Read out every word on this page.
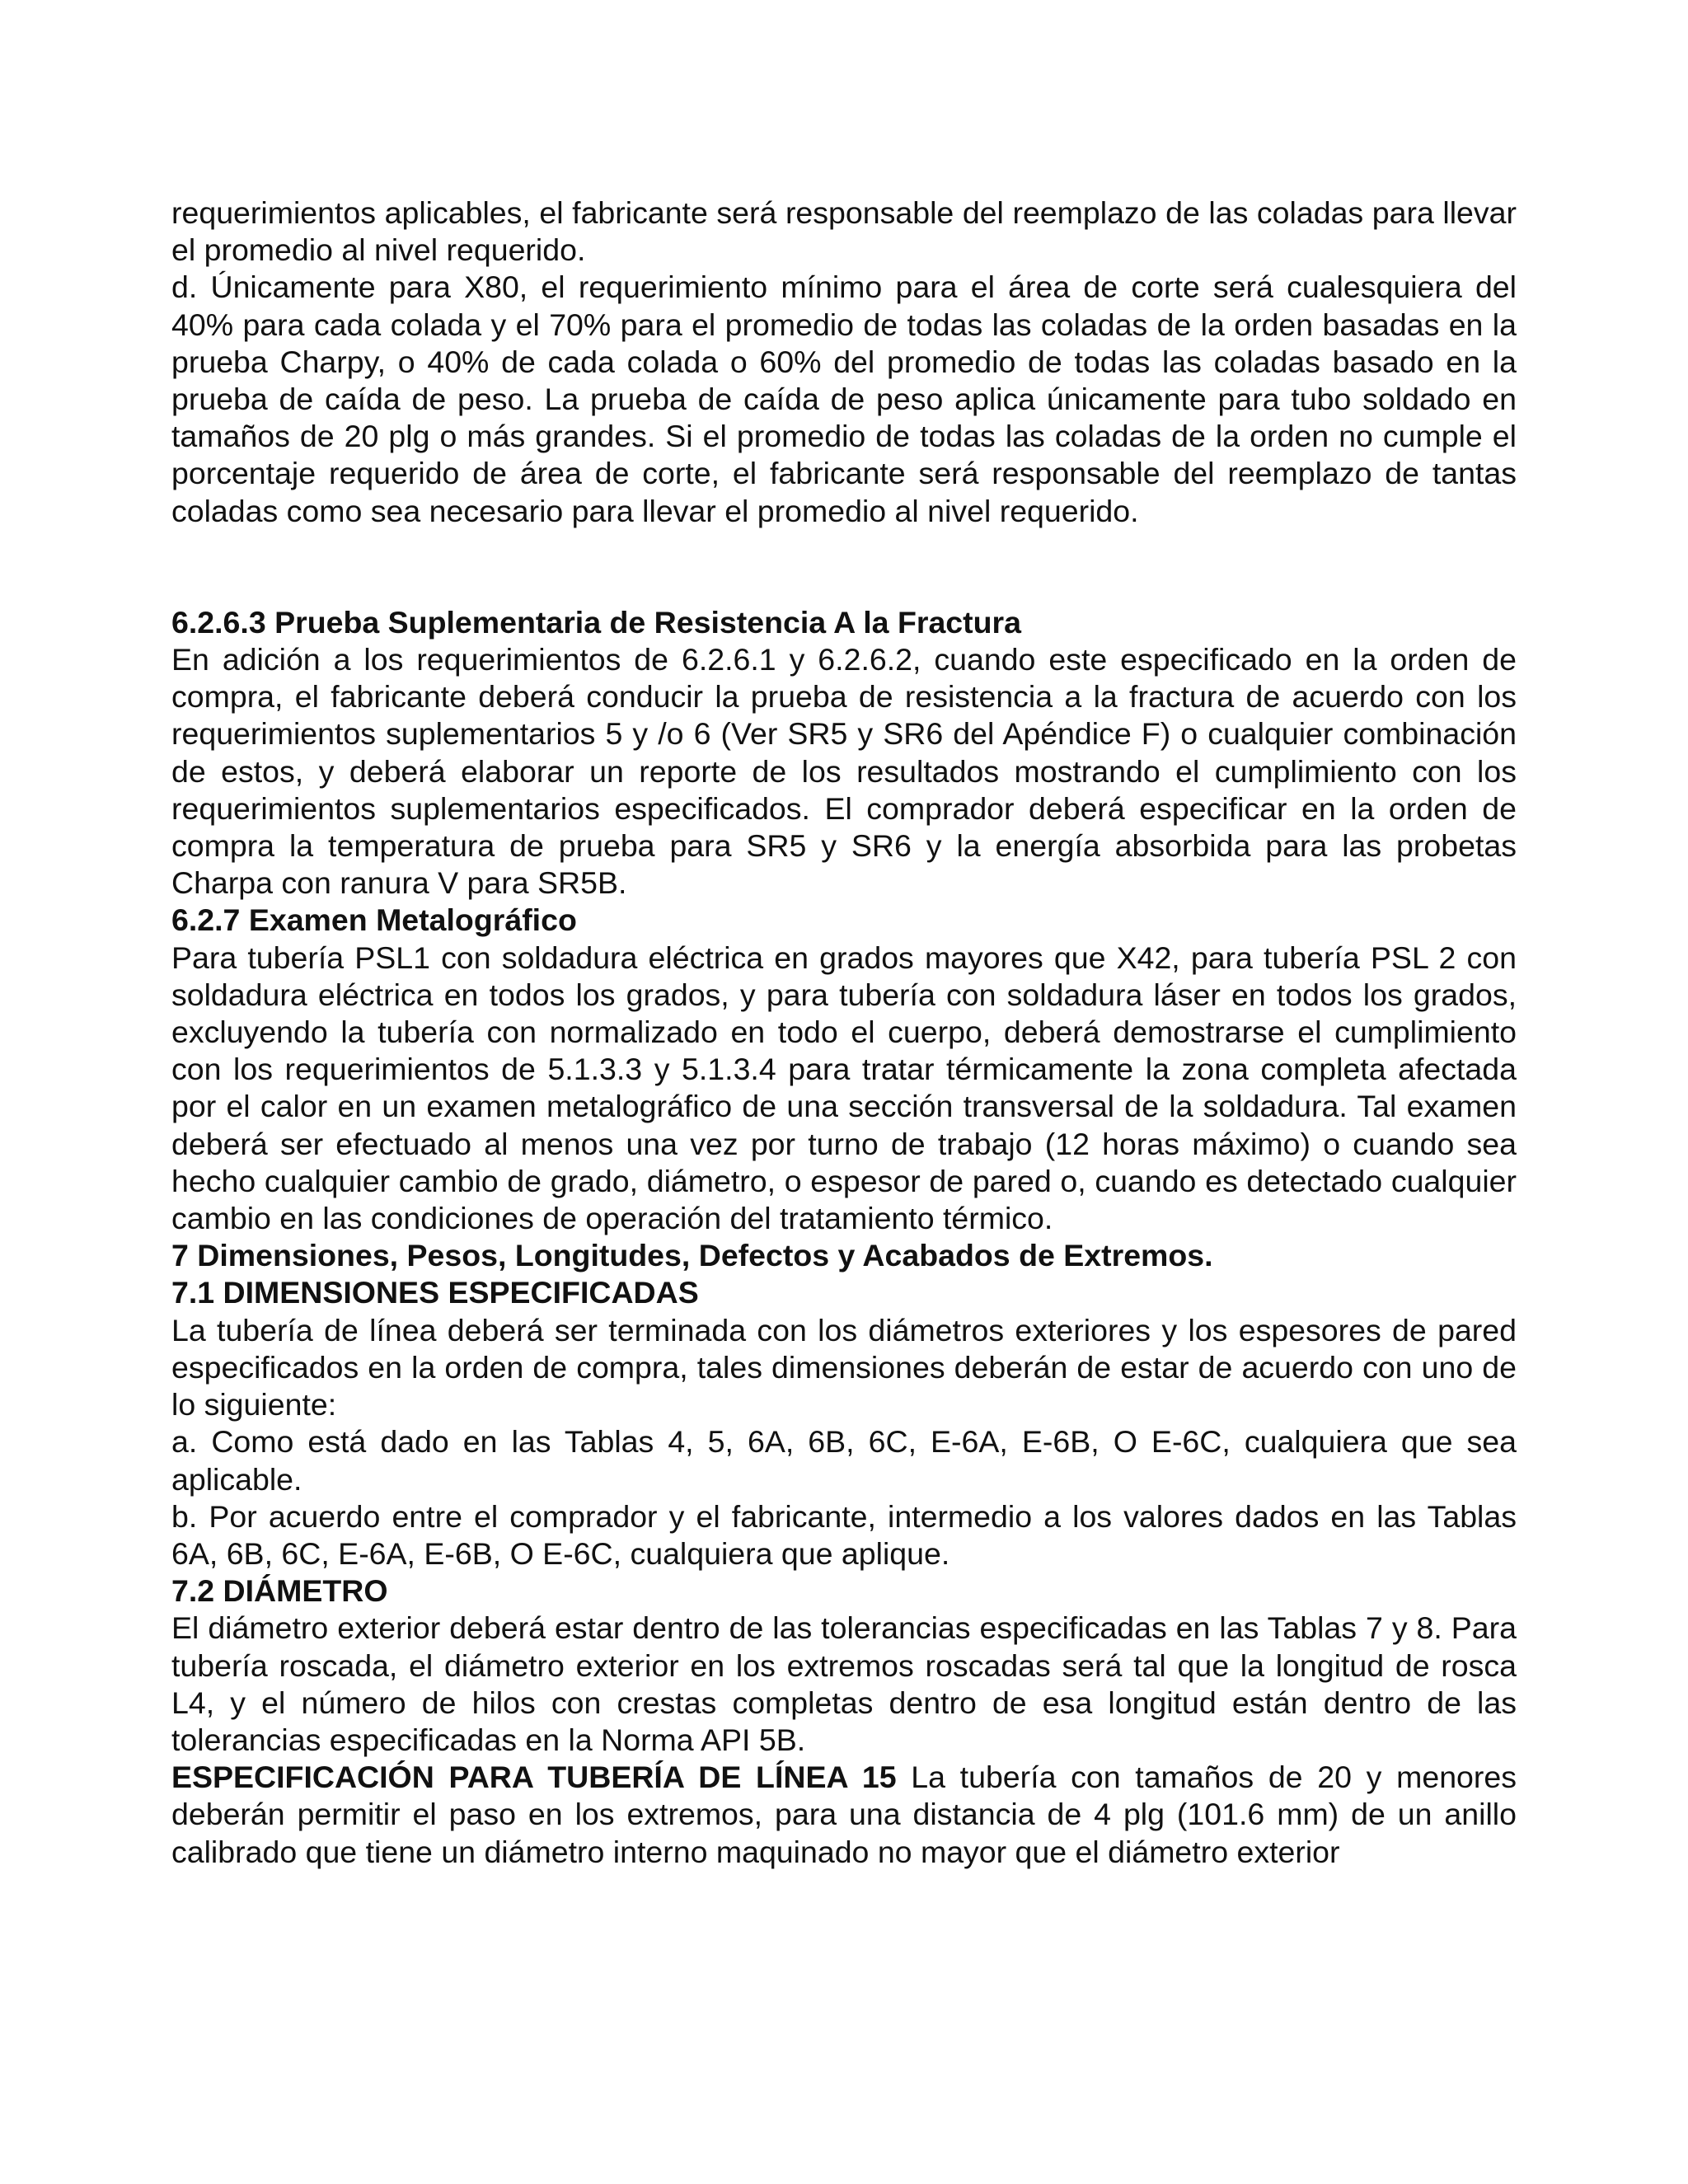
requerimientos aplicables, el fabricante será responsable del reemplazo de las coladas para llevar el promedio al nivel requerido.

d. Únicamente para X80, el requerimiento mínimo para el área de corte será cualesquiera del 40% para cada colada y el 70% para el promedio de todas las coladas de la orden basadas en la prueba Charpy, o 40% de cada colada o 60% del promedio de todas las coladas basado en la prueba de caída de peso. La prueba de caída de peso aplica únicamente para tubo soldado en tamaños de 20 plg o más grandes. Si el promedio de todas las coladas de la orden no cumple el porcentaje requerido de área de corte, el fabricante será responsable del reemplazo de tantas coladas como sea necesario para llevar el promedio al nivel requerido.

6.2.6.3 Prueba Suplementaria de Resistencia A la Fractura

En adición a los requerimientos de 6.2.6.1 y 6.2.6.2, cuando este especificado en la orden de compra, el fabricante deberá conducir la prueba de resistencia a la fractura de acuerdo con los requerimientos suplementarios 5 y /o 6 (Ver SR5 y SR6 del Apéndice F) o cualquier combinación de estos, y deberá elaborar un reporte de los resultados mostrando el cumplimiento con los requerimientos suplementarios especificados. El comprador deberá especificar en la orden de compra la temperatura de prueba para SR5 y SR6 y la energía absorbida para las probetas Charpa con ranura V para SR5B.

6.2.7 Examen Metalográfico

Para tubería PSL1 con soldadura eléctrica en grados mayores que X42, para tubería PSL 2 con soldadura eléctrica en todos los grados, y para tubería con soldadura láser en todos los grados, excluyendo la tubería con normalizado en todo el cuerpo, deberá demostrarse el cumplimiento con los requerimientos de 5.1.3.3 y 5.1.3.4 para tratar térmicamente la zona completa afectada por el calor en un examen metalográfico de una sección transversal de la soldadura. Tal examen deberá ser efectuado al menos una vez por turno de trabajo (12 horas máximo) o cuando sea hecho cualquier cambio de grado, diámetro, o espesor de pared o, cuando es detectado cualquier cambio en las condiciones de operación del tratamiento térmico.

7 Dimensiones, Pesos, Longitudes, Defectos y Acabados de Extremos.

7.1 DIMENSIONES ESPECIFICADAS

La tubería de línea deberá ser terminada con los diámetros exteriores y los espesores de pared especificados en la orden de compra, tales dimensiones deberán de estar de acuerdo con uno de lo siguiente:

a. Como está dado en las Tablas 4, 5, 6A, 6B, 6C, E-6A, E-6B, O E-6C, cualquiera que sea aplicable.

b. Por acuerdo entre el comprador y el fabricante, intermedio a los valores dados en las Tablas 6A, 6B, 6C, E-6A, E-6B, O E-6C, cualquiera que aplique.

7.2 DIÁMETRO

El diámetro exterior deberá estar dentro de las tolerancias especificadas en las Tablas 7 y 8. Para tubería roscada, el diámetro exterior en los extremos roscadas será tal que la longitud de rosca L4, y el número de hilos con crestas completas dentro de esa longitud están dentro de las tolerancias especificadas en la Norma API 5B.

ESPECIFICACIÓN PARA TUBERÍA DE LÍNEA 15 La tubería con tamaños de 20 y menores deberán permitir el paso en los extremos, para una distancia de 4 plg (101.6 mm) de un anillo calibrado que tiene un diámetro interno maquinado no mayor que el diámetro exterior
